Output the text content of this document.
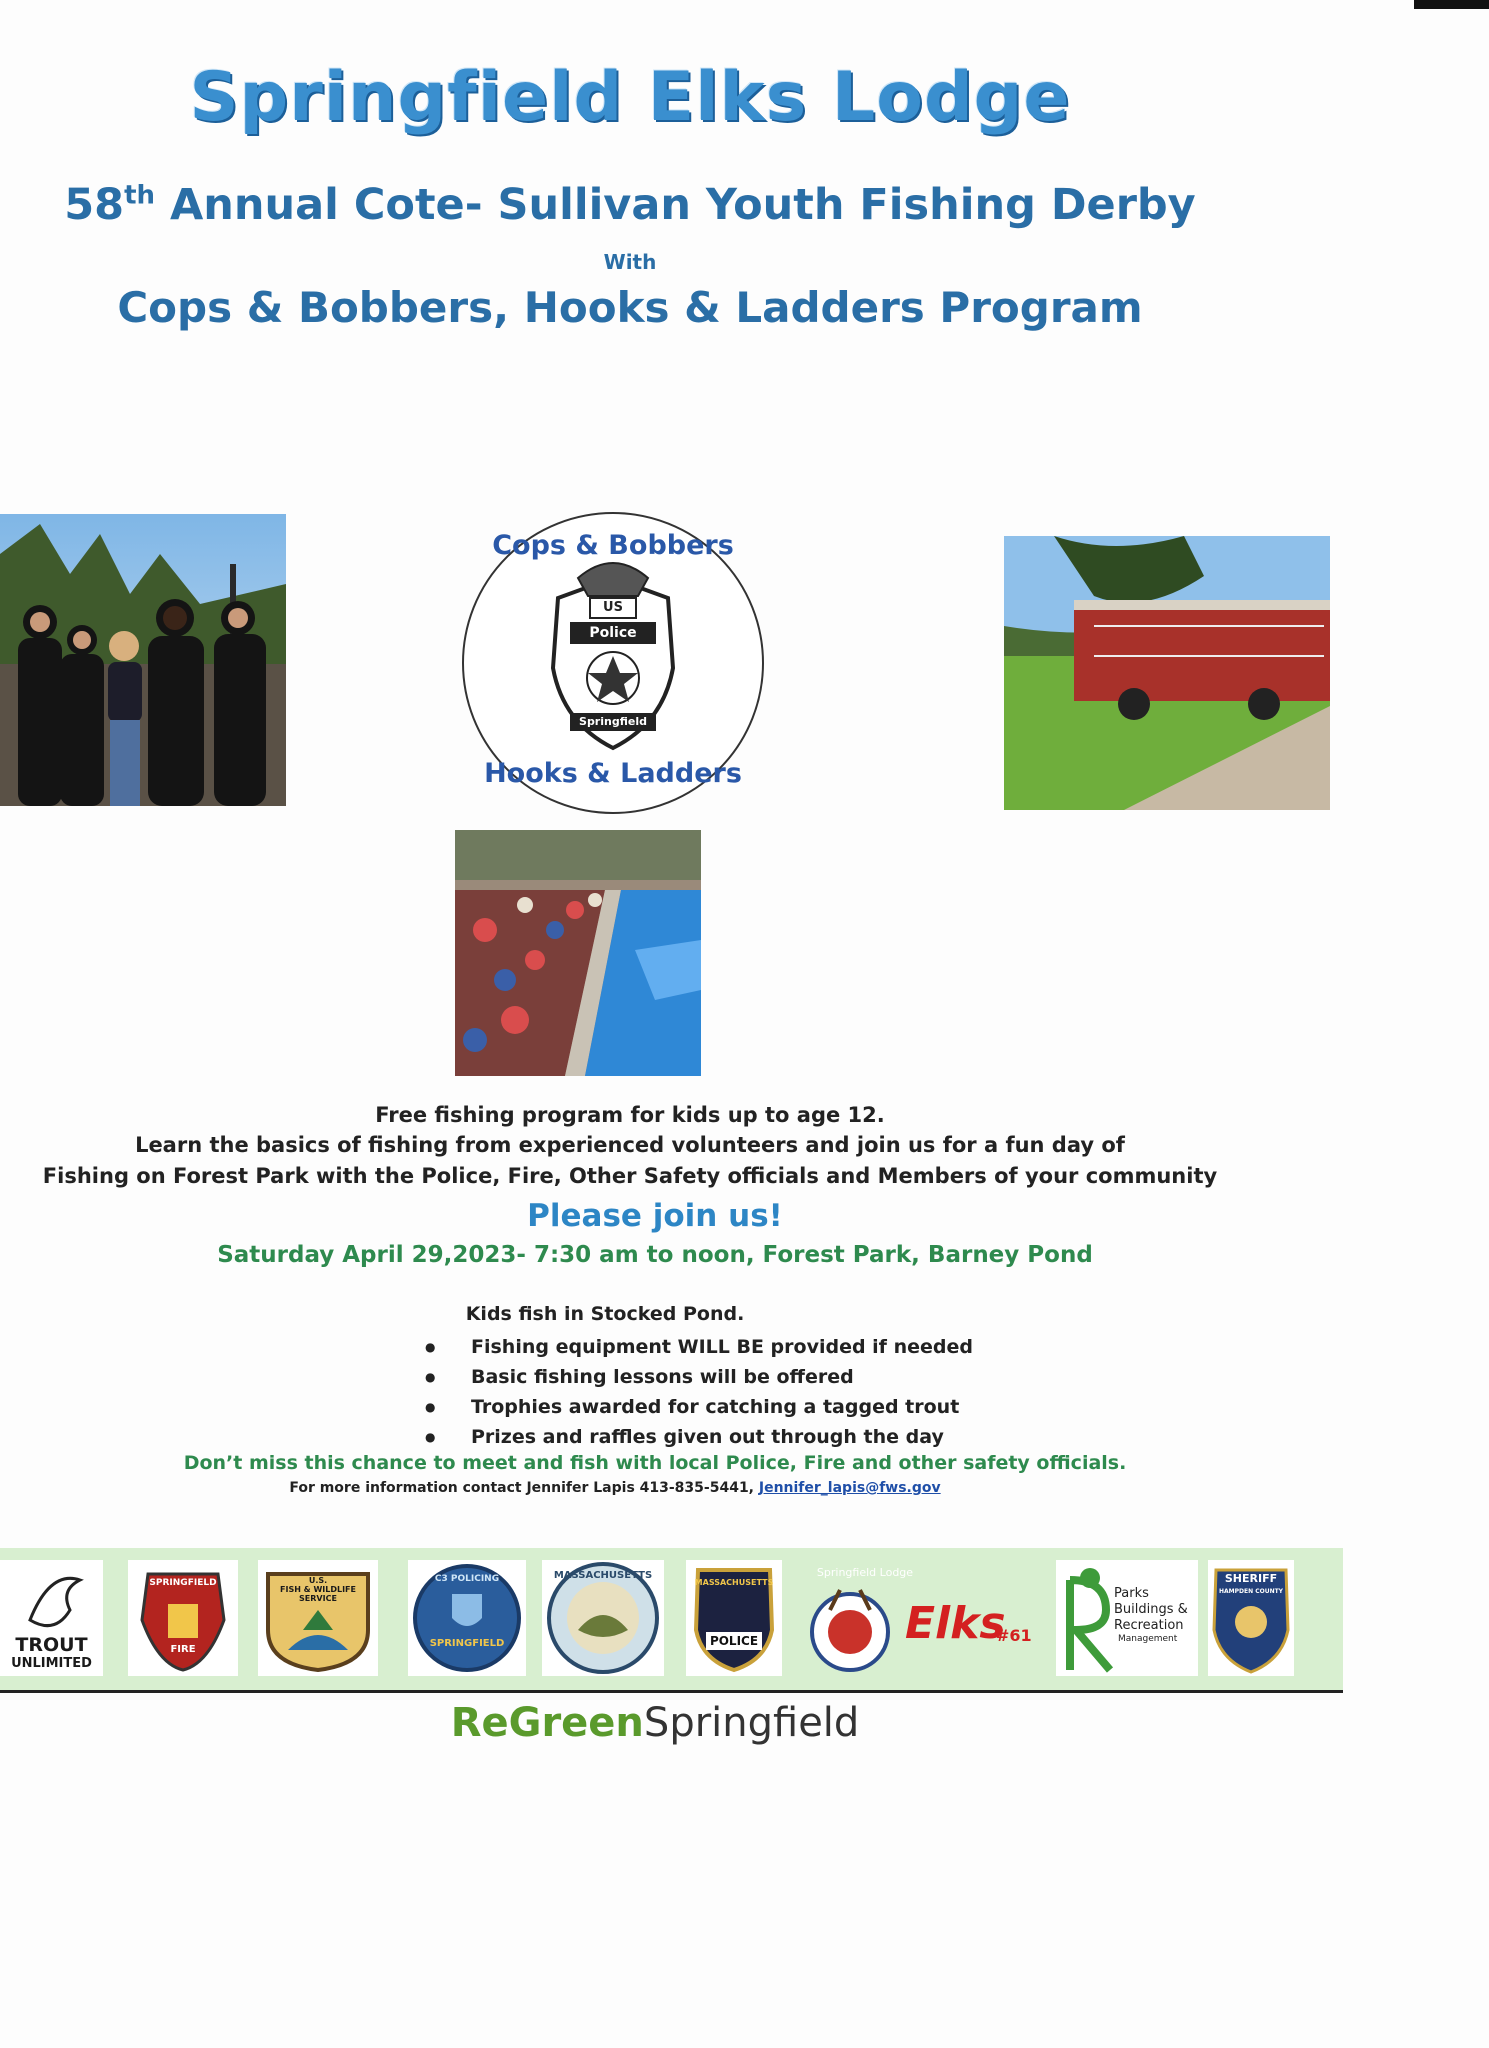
Springfield Elks Lodge
58th Annual Cote- Sullivan Youth Fishing Derby
With
Cops & Bobbers, Hooks & Ladders Program
US
Police
Springfield
Cops & Bobbers
Hooks & Ladders
Free fishing program for kids up to age 12.
Learn the basics of fishing from experienced volunteers and join us for a fun day of
Fishing on Forest Park with the Police, Fire, Other Safety officials and Members of your community
Please join us!
Saturday April 29,2023- 7:30 am to noon, Forest Park, Barney Pond
Kids fish in Stocked Pond.
● Fishing equipment WILL BE provided if needed
● Basic fishing lessons will be offered
● Trophies awarded for catching a tagged trout
● Prizes and raffles given out through the day
Don’t miss this chance to meet and fish with local Police, Fire and other safety officials.
For more information contact Jennifer Lapis 413-835-5441, Jennifer_lapis@fws.gov
TROUT
UNLIMITED
SPRINGFIELD
FIRE
U.S.
FISH & WILDLIFE
SERVICE
C3 POLICING
SPRINGFIELD
MASSACHUSETTS
MASSACHUSETTS
POLICE
Springfield Lodge
Elks
#61
Parks
Buildings &
Recreation
Management
SHERIFF
HAMPDEN COUNTY
ReGreenSpringfield
